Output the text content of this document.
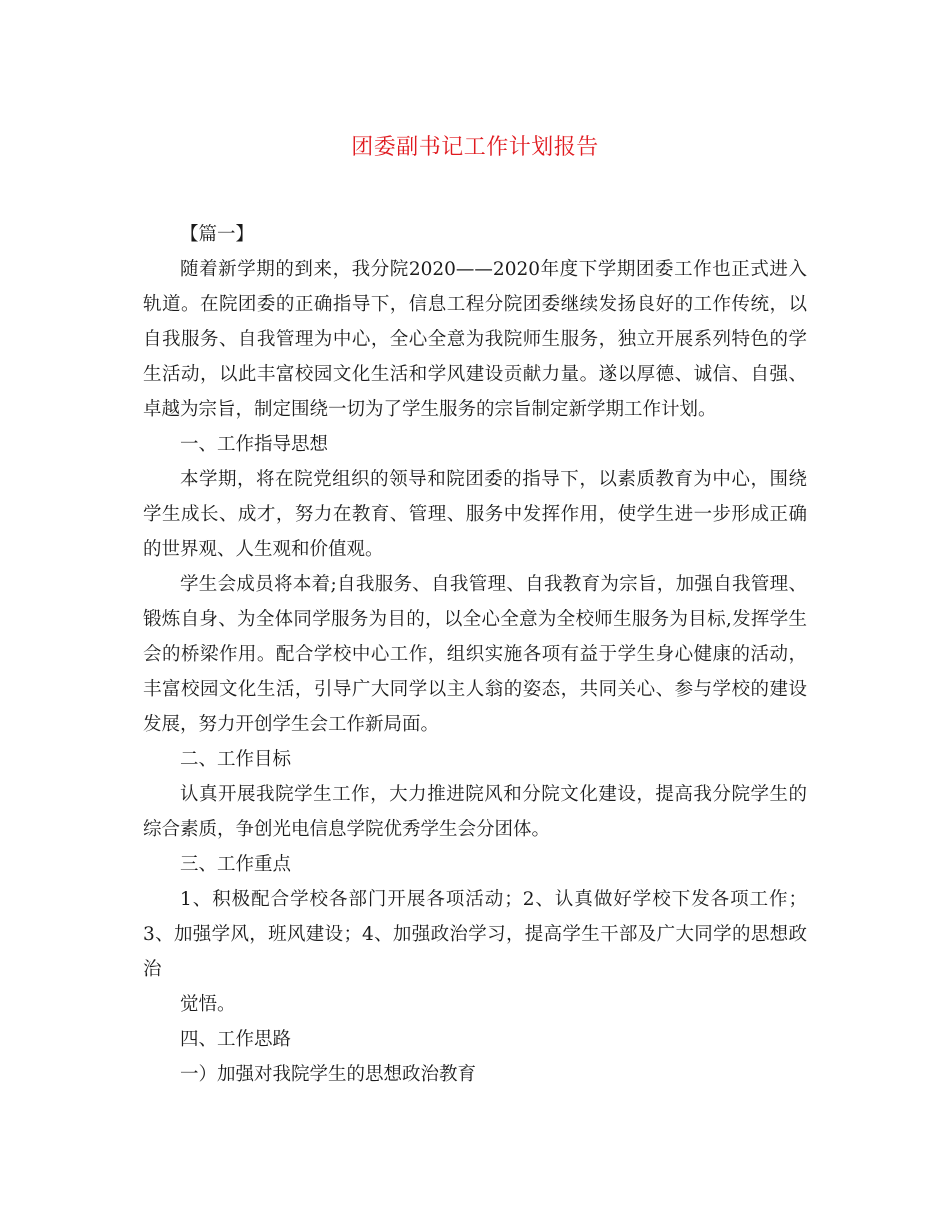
团委副书记工作计划报告

【篇一】

随着新学期的到来，我分院2020——2020年度下学期团委工作也正式进入轨道。在院团委的正确指导下，信息工程分院团委继续发扬良好的工作传统，以自我服务、自我管理为中心，全心全意为我院师生服务，独立开展系列特色的学生活动，以此丰富校园文化生活和学风建设贡献力量。遂以厚德、诚信、自强、卓越为宗旨，制定围绕一切为了学生服务的宗旨制定新学期工作计划。

一、工作指导思想

本学期，将在院党组织的领导和院团委的指导下，以素质教育为中心，围绕学生成长、成才，努力在教育、管理、服务中发挥作用，使学生进一步形成正确的世界观、人生观和价值观。

学生会成员将本着;自我服务、自我管理、自我教育为宗旨，加强自我管理、锻炼自身、为全体同学服务为目的，以全心全意为全校师生服务为目标,发挥学生会的桥梁作用。配合学校中心工作，组织实施各项有益于学生身心健康的活动，丰富校园文化生活，引导广大同学以主人翁的姿态，共同关心、参与学校的建设发展，努力开创学生会工作新局面。

二、工作目标

认真开展我院学生工作，大力推进院风和分院文化建设，提高我分院学生的综合素质，争创光电信息学院优秀学生会分团体。

三、工作重点

1、积极配合学校各部门开展各项活动；2、认真做好学校下发各项工作；3、加强学风，班风建设；4、加强政治学习，提高学生干部及广大同学的思想政治

觉悟。

四、工作思路

一）加强对我院学生的思想政治教育
